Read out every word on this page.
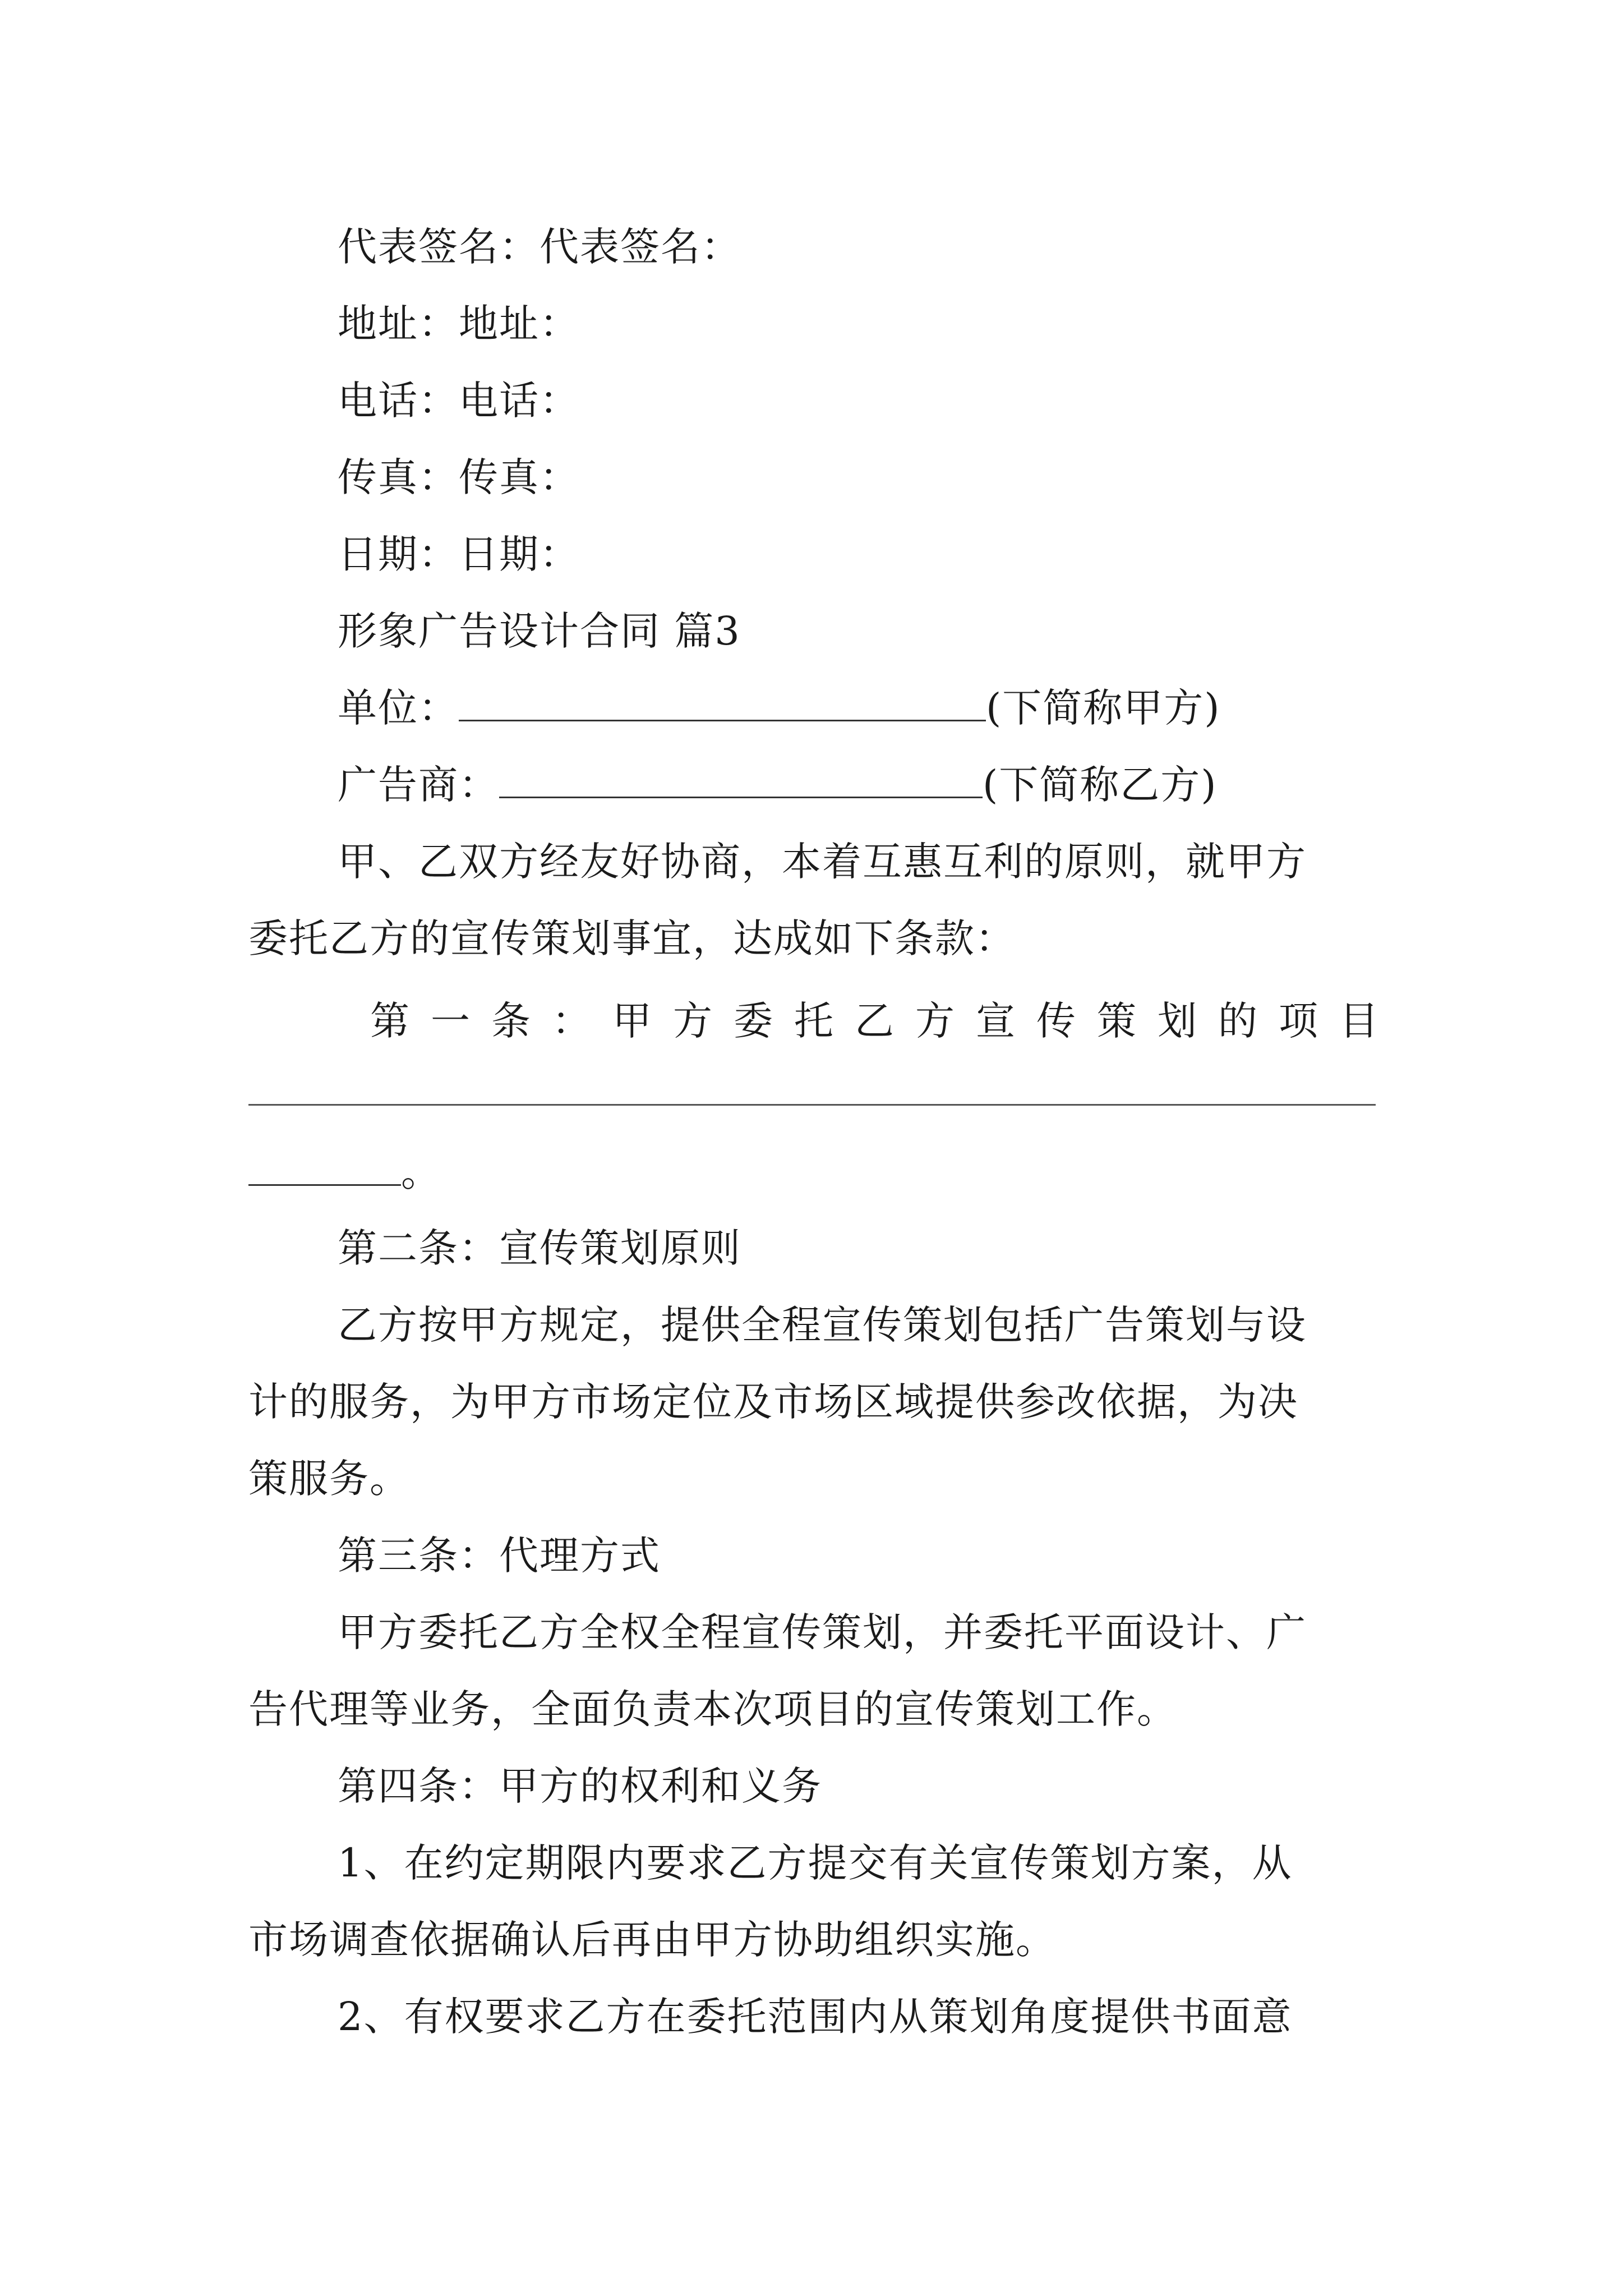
代表签名：代表签名：
地址：地址：
电话：电话：
传真：传真：
日期：日期：
形象广告设计合同 篇3
单位：	(下简称甲方)
广告商：	(下简称乙方)
甲、乙双方经友好协商，本着互惠互利的原则，就甲方
委托乙方的宣传策划事宜，达成如下条款：
第一条：甲方委托乙方宣传策划的项目
。
第二条：宣传策划原则
乙方按甲方规定，提供全程宣传策划包括广告策划与设
计的服务，为甲方市场定位及市场区域提供参改依据，为决
策服务。
第三条：代理方式
甲方委托乙方全权全程宣传策划，并委托平面设计、广
告代理等业务，全面负责本次项目的宣传策划工作。
第四条：甲方的权利和义务
1、在约定期限内要求乙方提交有关宣传策划方案，从
市场调查依据确认后再由甲方协助组织实施。
2、有权要求乙方在委托范围内从策划角度提供书面意
